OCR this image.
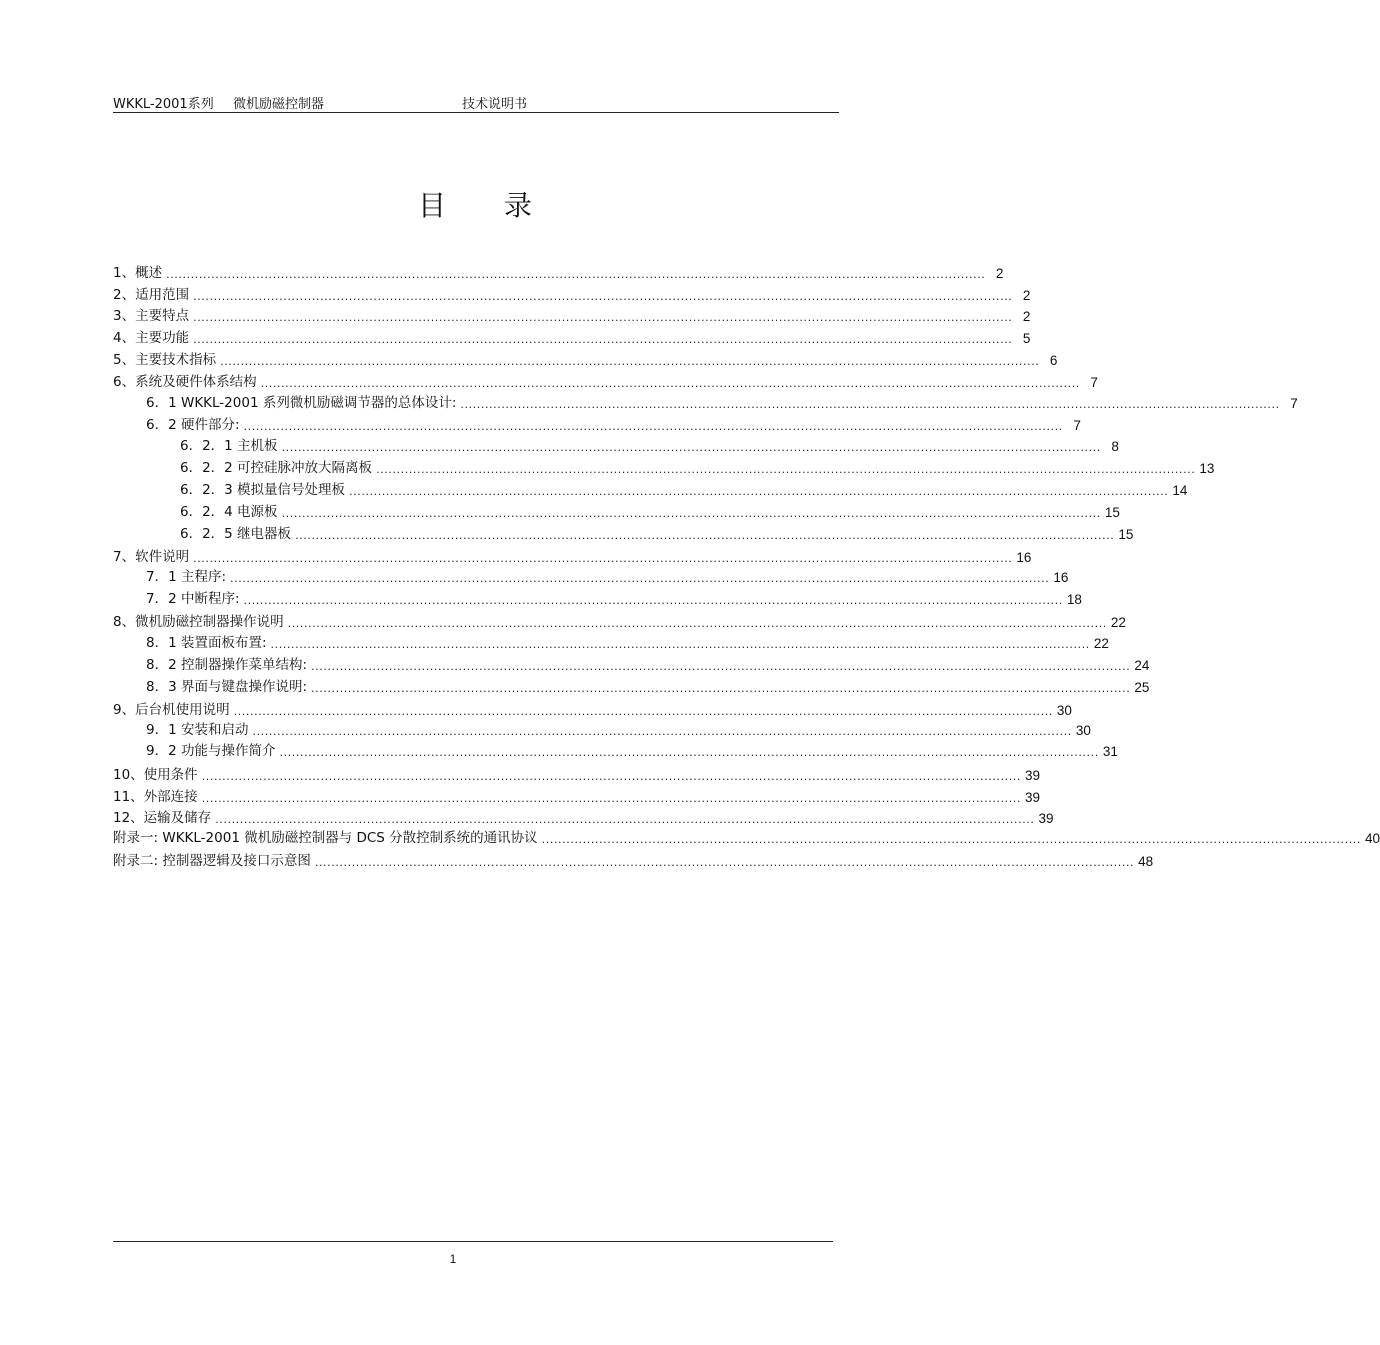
WKKL-2001系列 微机励磁控制器	技术说明书
目录
1、概述 ........................................................................................................................................................................................................ 2
2、适用范围 ........................................................................................................................................................................................................ 2
3、主要特点 ........................................................................................................................................................................................................ 2
4、主要功能 ........................................................................................................................................................................................................ 5
5、主要技术指标 ........................................................................................................................................................................................................ 6
6、系统及硬件体系结构 ........................................................................................................................................................................................................ 7
6．1 WKKL-2001 系列微机励磁调节器的总体设计: ........................................................................................................................................................................................................ 7
6．2 硬件部分: ........................................................................................................................................................................................................ 7
6．2．1 主机板 ........................................................................................................................................................................................................ 8
6．2．2 可控硅脉冲放大隔离板 ........................................................................................................................................................................................................ 13
6．2．3 模拟量信号处理板 ........................................................................................................................................................................................................ 14
6．2．4 电源板 ........................................................................................................................................................................................................ 15
6．2．5 继电器板 ........................................................................................................................................................................................................ 15
7、软件说明 ........................................................................................................................................................................................................ 16
7．1 主程序: ........................................................................................................................................................................................................ 16
7．2 中断程序: ........................................................................................................................................................................................................ 18
8、微机励磁控制器操作说明 ........................................................................................................................................................................................................ 22
8．1 装置面板布置: ........................................................................................................................................................................................................ 22
8．2 控制器操作菜单结构: ........................................................................................................................................................................................................ 24
8．3 界面与键盘操作说明: ........................................................................................................................................................................................................ 25
9、后台机使用说明 ........................................................................................................................................................................................................ 30
9．1 安装和启动 ........................................................................................................................................................................................................ 30
9．2 功能与操作简介 ........................................................................................................................................................................................................ 31
10、使用条件 ........................................................................................................................................................................................................ 39
11、外部连接 ........................................................................................................................................................................................................ 39
12、运输及储存 ........................................................................................................................................................................................................ 39
附录一: WKKL-2001 微机励磁控制器与 DCS 分散控制系统的通讯协议 ........................................................................................................................................................................................................ 40
附录二: 控制器逻辑及接口示意图 ........................................................................................................................................................................................................ 48
1
